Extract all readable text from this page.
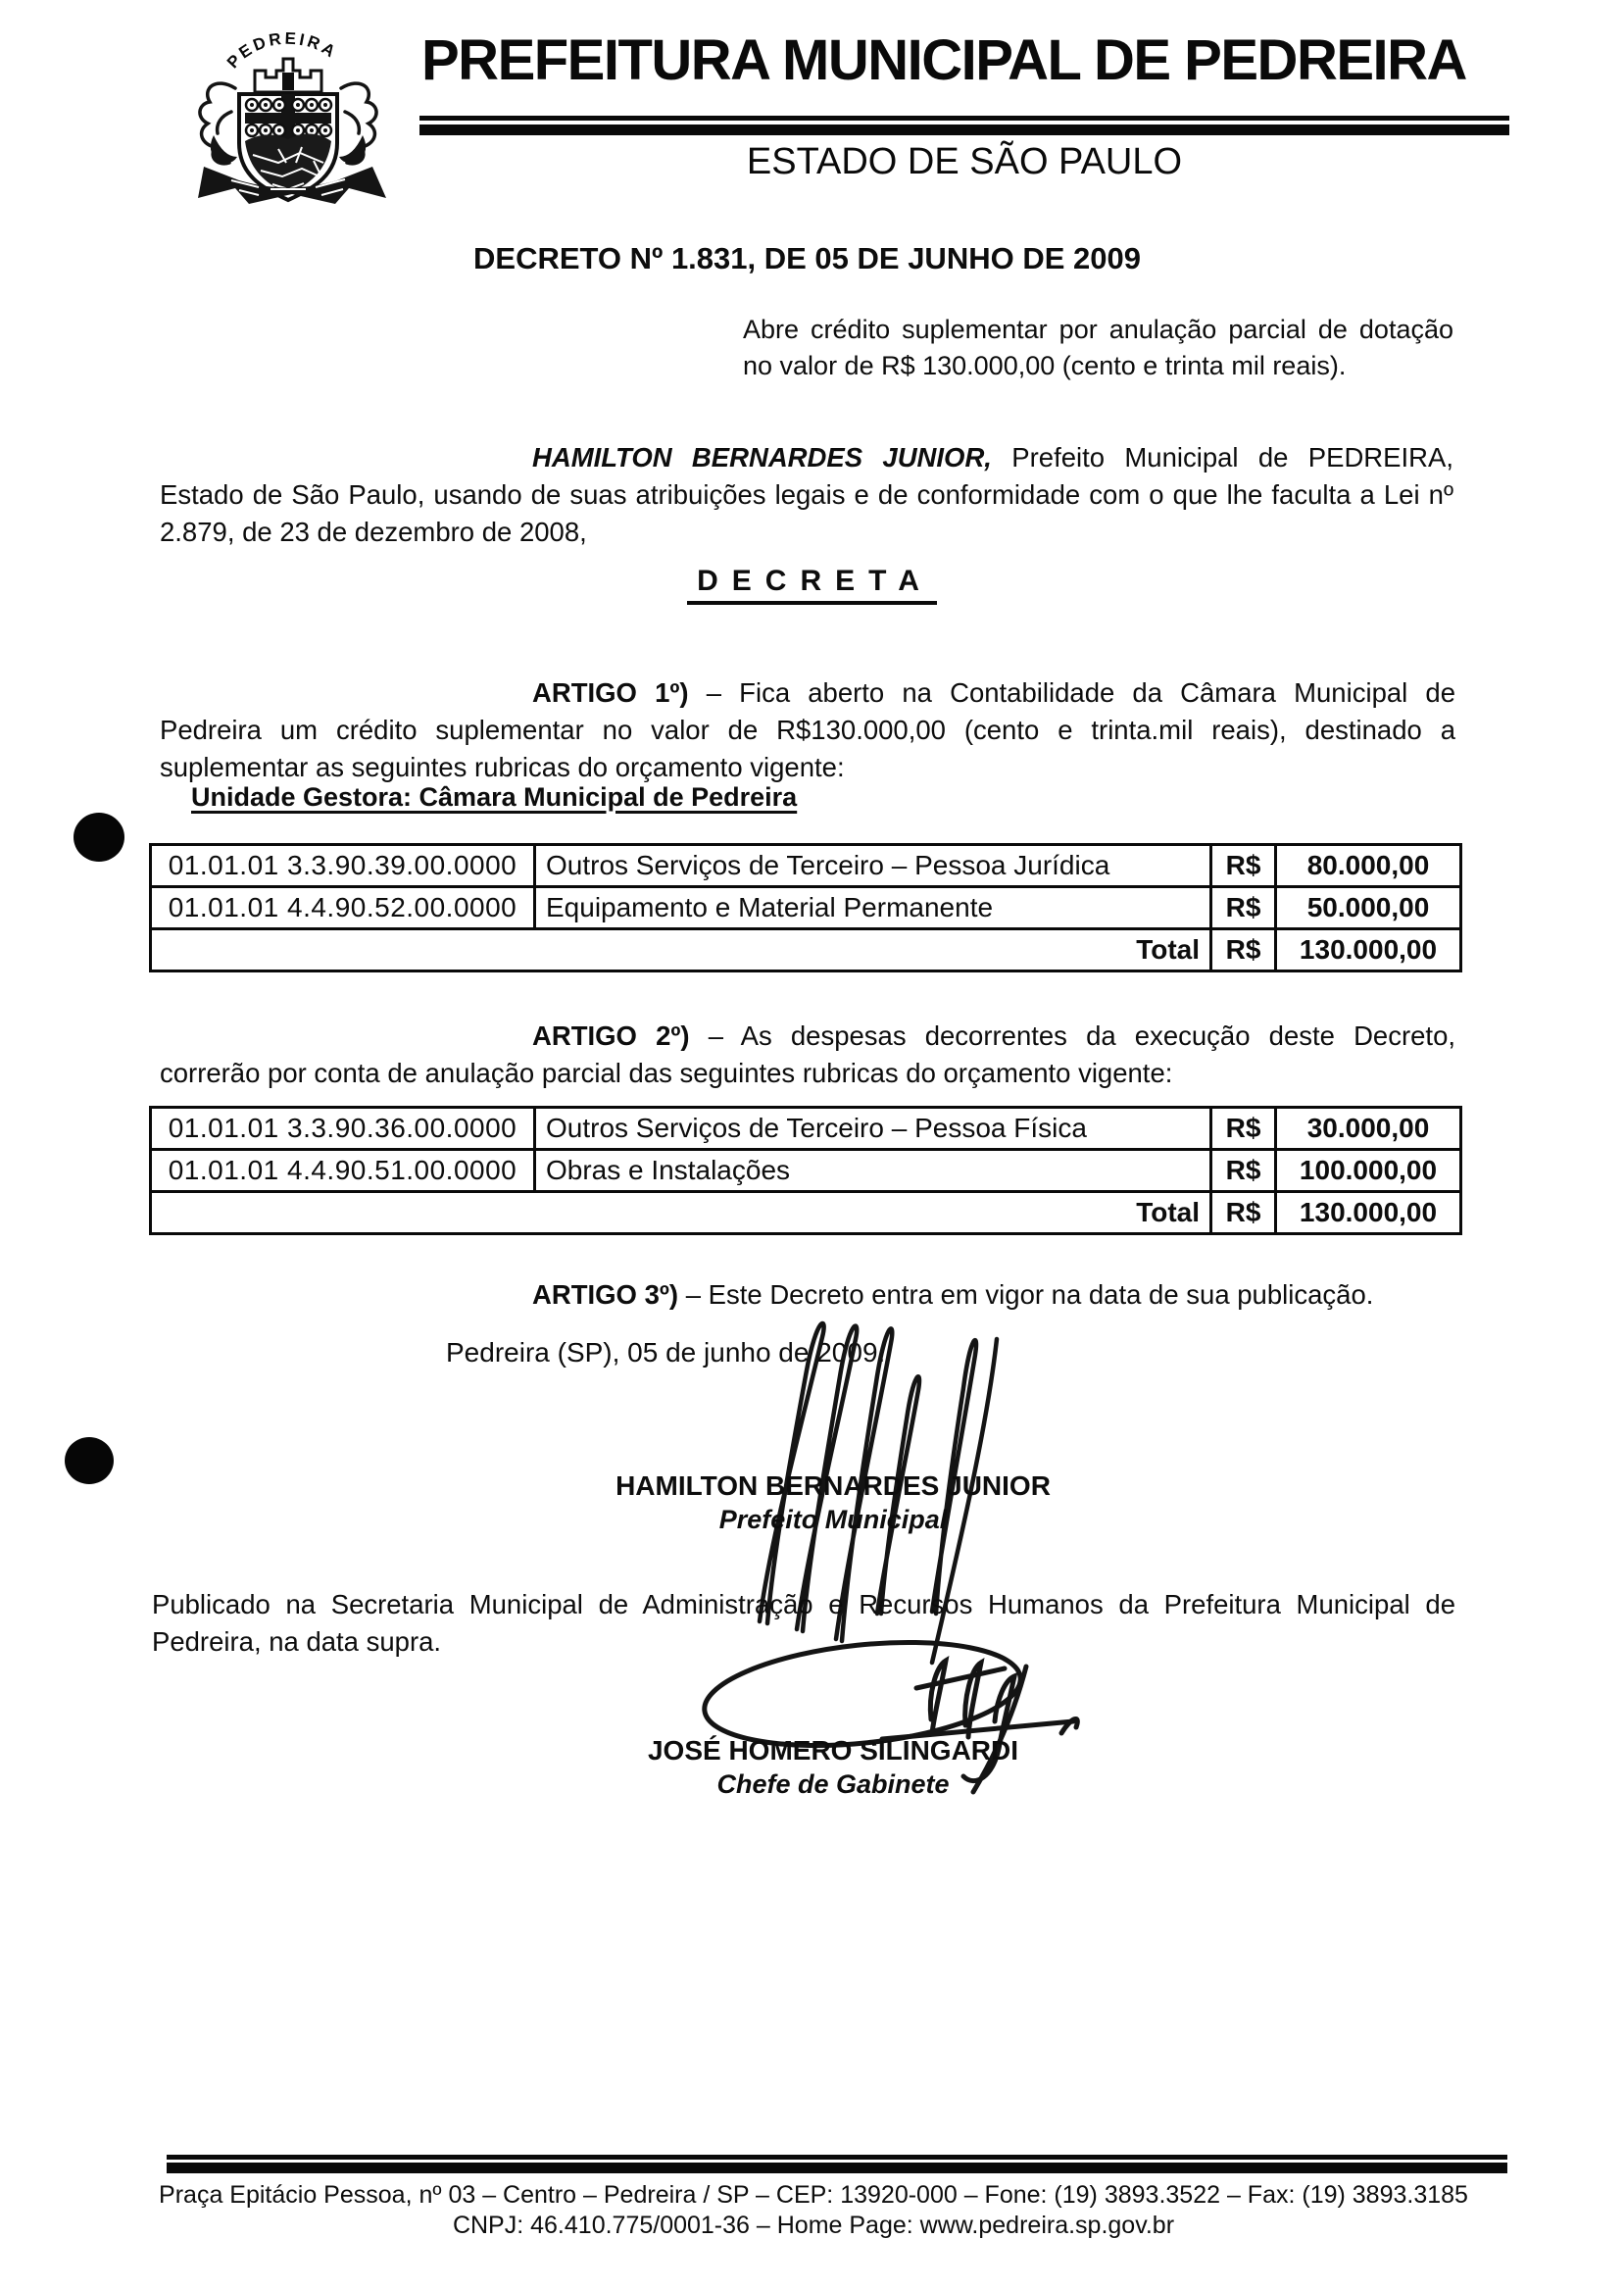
PEDREIRA PREFEITURA MUNICIPAL DE PEDREIRA
ESTADO DE SÃO PAULO
DECRETO Nº 1.831, DE 05 DE JUNHO DE 2009
Abre crédito suplementar por anulação parcial de dotação no valor de R$ 130.000,00 (cento e trinta mil reais).

HAMILTON BERNARDES JUNIOR, Prefeito Municipal de PEDREIRA, Estado de São Paulo, usando de suas atribuições legais e de conformidade com o que lhe faculta a Lei nº 2.879, de 23 de dezembro de 2008,

DECRETA

ARTIGO 1º) – Fica aberto na Contabilidade da Câmara Municipal de Pedreira um crédito suplementar no valor de R$130.000,00 (cento e trinta.mil reais), destinado a suplementar as seguintes rubricas do orçamento vigente:

Unidade Gestora: Câmara Municipal de Pedreira
01.01.01 3.3.90.39.00.0000	Outros Serviços de Terceiro – Pessoa Jurídica	R$	80.000,00
01.01.01 4.4.90.52.00.0000	Equipamento e Material Permanente	R$	50.000,00
Total		R$	130.000,00

ARTIGO 2º) – As despesas decorrentes da execução deste Decreto, correrão por conta de anulação parcial das seguintes rubricas do orçamento vigente:

01.01.01 3.3.90.36.00.0000	Outros Serviços de Terceiro – Pessoa Física	R$	30.000,00
01.01.01 4.4.90.51.00.0000	Obras e Instalações	R$	100.000,00
Total		R$	130.000,00

ARTIGO 3º) – Este Decreto entra em vigor na data de sua publicação.

Pedreira (SP), 05 de junho de 2009.
HAMILTON BERNARDES JUNIOR
Prefeito Municipal

Publicado na Secretaria Municipal de Administração e Recursos Humanos da Prefeitura Municipal de Pedreira, na data supra.

JOSÉ HOMERO SILINGARDI
Chefe de Gabinete
Praça Epitácio Pessoa, nº 03 – Centro – Pedreira / SP – CEP: 13920-000 – Fone: (19) 3893.3522 – Fax: (19) 3893.3185
CNPJ: 46.410.775/0001-36 – Home Page: www.pedreira.sp.gov.br
